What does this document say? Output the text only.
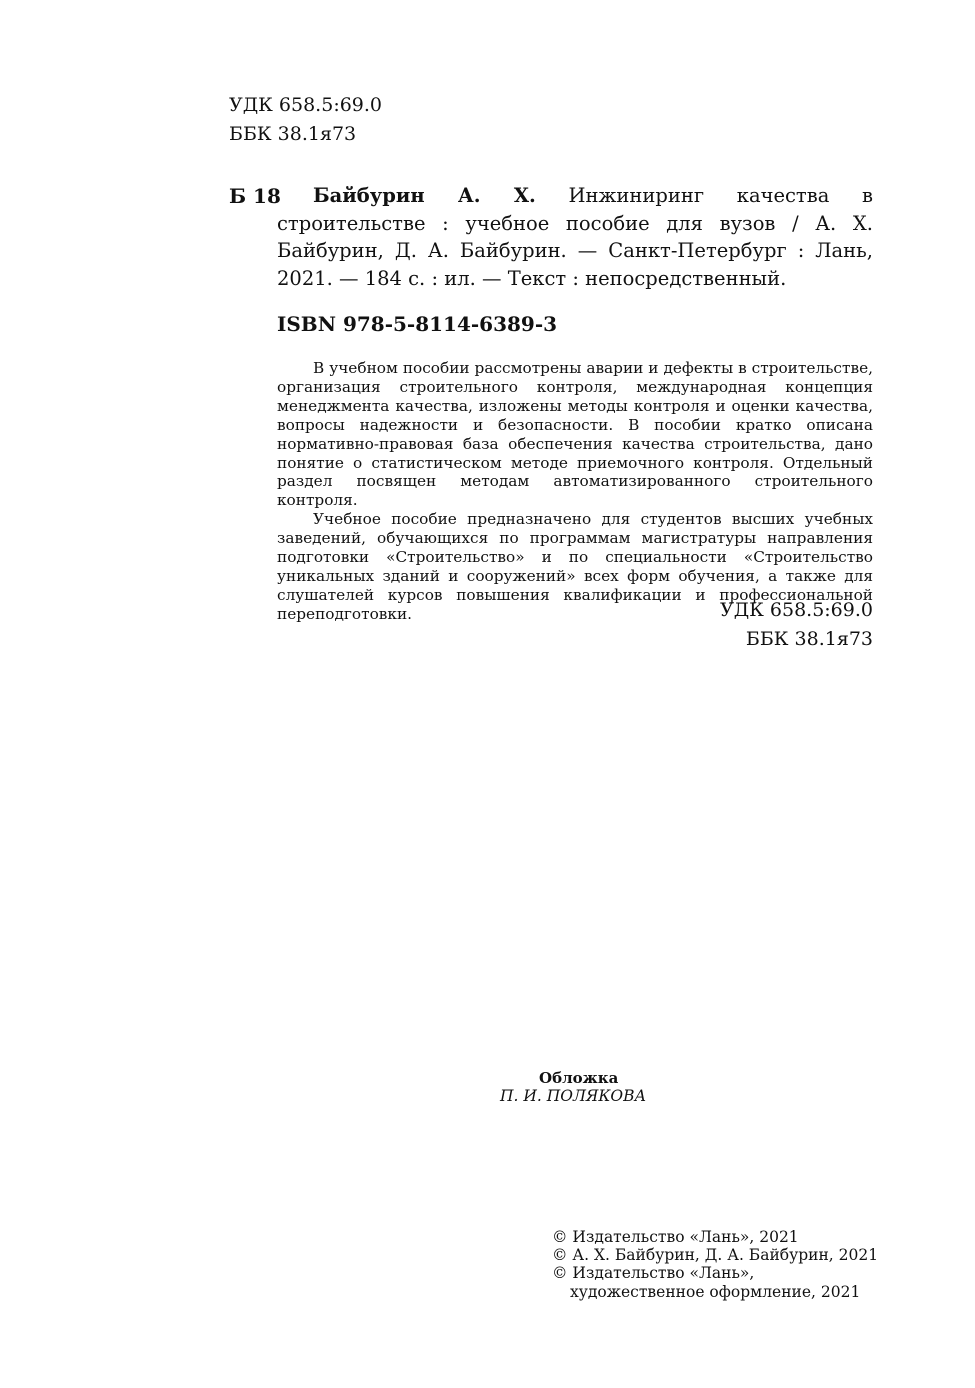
УДК 658.5:69.0
ББК 38.1я73
Б 18	Байбурин А. Х. Инжиниринг качества в строительстве : учебное пособие для вузов / А. Х. Байбурин, Д. А. Байбурин. — Санкт-Петербург : Лань, 2021. — 184 с. : ил. — Текст : непосредственный.
ISBN 978-5-8114-6389-3

В учебном пособии рассмотрены аварии и дефекты в строительстве, организация строительного контроля, международная концепция менеджмента качества, изложены методы контроля и оценки качества, вопросы надежности и безопасности. В пособии кратко описана нормативно-правовая база обеспечения качества строительства, дано понятие о статистическом методе приемочного контроля. Отдельный раздел посвящен методам автоматизированного строительного контроля.

Учебное пособие предназначено для студентов высших учебных заведений, обучающихся по программам магистратуры направления подготовки «Строительство» и по специальности «Строительство уникальных зданий и сооружений» всех форм обучения, а также для слушателей курсов повышения квалификации и профессиональной переподготовки.	УДК 658.5:69.0
ББК 38.1я73
Обложка
П. И. ПОЛЯКОВА
© Издательство «Лань», 2021
© А. Х. Байбурин, Д. А. Байбурин, 2021
© Издательство «Лань»,
художественное оформление, 2021
